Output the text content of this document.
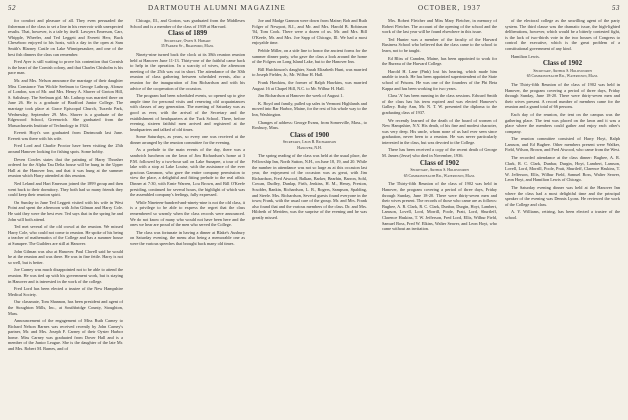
52	DARTMOUTH ALUMNI MAGAZINE	OCTOBER, 1937	53

for comfort and pleasure of all. They even persuaded the fisherman of the class to set a line in his reservoir with unexpected results. That, however, is a tale by itself. Lawyers Emerson, Carr, Whipple, Wheeler, and Ted Leggett and Everett Herr, Buck Cheseboro enjoyed to his hosts, with a day in the open at Sam Smith's Blarney Castle on Lake Winnipesaukee, and one of the best fish dinners the class can remember.

Fred Ayer is still waiting to prove his contention that Cornish is the heart of the Cornish colony, and that Charles Chisholm is his pace man.

Mr. and Mrs. Nelson announce the marriage of their daughter Miss Constance Van Wickle Seelman to George Lathrop, Alonzo of London, son of Mr. and Mrs. Henry A. Shaver of Groton Hill, S. Salisbury. The Seelman girl. Mr. Lathrop was married there on June 26. He is a graduate of Bradford Junior College. The marriage took place at Grace Episcopal Church, Tuxedo Park, Wednesday, September 29. Mrs. Shaver is a graduate of the Edgewood School, Greenwich. She graduated from the Massachusetts Institute of Technology in 1924.

Everett Hoyt's son graduated from Dartmouth last June. Everett was there with his wife.

Fred Lord and Charlie Proctor have been visiting the 25th around Hanover looking for fishing spots. Some hobby.

Deven Cowles states that the painting of Harry Thrasher ordered for the Alpha Tau Delta house will be hung in the Upper Hall at the Hanover Inn, and that it was hung at the summer reunion which Harry attended at this reunion.

Ned Leland and Hart Emerson joined the 1899 group and then went back to their dormitory. They both had so many friends they could keep their reunion spirit.

On Sunday in June Ted Leggett visited with his wife in West Point and spent the afternoon with John Gilman and Harry Cole. He said they were the best ever. Ted says that in the spring he and John will both attend.

Ted met several of the old crowd at the reunion. We missed Harry Cole, who could not come to reunion. He spoke of his being a teacher of mathematics of the College and has a summer house at Sunapee. The Guilders are still at Hanover.

John Gilman was also at Hanover. Paul Clavell said he would be at the reunion and was there. He was in fine fettle. Harry is not so well, but is better.

Joe Carney was much disappointed not to be able to attend the reunion. He was tied up with his government work, but is staying in Hanover and is interested in the work of the college.

Fred Lord has been elected a trustee of the New Hampshire Medical Society.

Our classmate, Tom Shannon, has been president and agent of the Stoughton Mills, Inc., at Southbridge County, Stoughton, Mass.

Announcement of the engagement of Miss Ruth Carney to Richard Nelson Barnes was received recently by John Carney's partner, Mr. and Mrs. Joseph F. Carney of their Oyster Harbor home. Miss Carney was graduated from Dover Hall and is a member of the Junior League. She is the daughter of the late Mr. and Mrs. Robert M. Barnes, and of

Chicago, Ill., and Gorton, was graduated from the Middlesex School and is a member of the class of 1939 at Harvard.

Class of 1899

Secretary, Owen S. Hobart
35 Parker St., Bradford, Mass.

Ninety-nine turned back the clock at its 38th reunion reunion held at Hanover June 11-13. Thirty-one of the faithful came back to help in the operation. In a scarcity of wives, the afternoon meeting of the 25th was cut in short. The attendance of the 30th reunion of class gathering between scheduled events, also a reunion for the inauguration of Jim Richardson and with his advice of the cooperation of the occasion.

The program had been scheduled events, so opened up to give ample time for personal visits and renewing old acquaintances with classes of any generation. The meeting of Saturday was as good as ever, with the arrival of the Secretary and the establishment of headquarters at the Tuck School. There, before evening, sixteen faithful men arrived and registered at the headquarters and talked of old times.

Some Saturdays, as years, so every one was received at the dinner arranged by the reunion committee for the evening.

As a prelude to the main events of the day, there was a sandwich luncheon on the lawn of Jim Richardson's home at 3 P.M. followed by a two-hour sail on Lake Sunapee, a tour of the lake with a stop at Lake Louise, with the assistance of the ever gracious Gammon, who gave the entire company permission to view the place, a delightful and fitting prelude to the real affair. Dinner at 7:30, with Ernie Warren, Lou Brown, and Bill O'Keefe presiding, continued for several hours, the highlight of which was the assembled company's feelings, fully expressed.

While Nineteen-hundred-and-ninety-nine is not the old class, it is a privilege to be able to express the regret that the class remembered so warmly when the class records were announced. We do not know of many who would not have been here and the ones we hear are proud of the men who served the College.

The class was fortunate in having a dinner at Blake's Ausbury on Saturday evening, the menu also being a memorable one as were the various speeches that brought back many old times.

Joe and Madge Gannon were down from Maine; Bob and Ruth Folger of Newport, R.I., and Mr. and Mrs. Harold B. Robinson '04, Tom Cook. There were a dozen of us. Mr. and Mrs. Bill O'Keefe, Mr. and Mrs. Joe Sapp of Chicago, Ill. We had a most enjoyable time.

Pebble Miller, on a side line to honor the ancient forms for the summer dinner party, who gave the class a look around the home of the Folgers on Long Island Lake, but to the Hanover Inn.

Bill Hutchinson's daughter, Sarah Elizabeth Hunt, was married to Joseph Fielder, Jr., Mr. Wilbur H. Hall.

Frank Hawkins, the former of Ralph Hawkins, was married August 16 at Chapel Hill, N.C. to Mr. Wilbur H. Hall.

Jim Richardson at Hanover the week of August 1.

K. Boyd and family, pulled up sales in Vermont Highlands and moved into Bar Harbor, Maine, for the rest of his whole way to the Inn, Washington.

Changes of address: George Evans, from Somerville, Mass., to Roxbury, Mass.

Class of 1900

Secretary, Leon B. Richardson
Hanover, N.H.

The spring reading of the class was held at the usual place, the Fellowship Inn, North Sutton, N.H., on June 18, 19, and 20. While the number in attendance was not so large as at this occasion last year, the enjoyment of the occasion was as great, with Jim Richardson, Fred Atwood, Balkan, Barker, Bearhin, Barron, Sohl, Cowan, Dudley, Dunlap, Firth, Jenkins, H. M., Henry, Preston, Scudder, Rankin, Richardson, L. B., Rogers, Sampson, Spalding, and Steele. Mrs. Richardson, Several guests found everyone in the town; Frank, with the usual care of the group. Mr. and Mrs. Frank also found that and the various members of the class. Dr. and Mrs. Hildreth of Meriden, was the surprise of the evening and he was greatly missed.

Mrs. Robert Fletcher and Miss Mary Fletcher, in memory of Robert Fletcher. The account of the opening of the school and the work of the last year will be found elsewhere in this issue.

Ted Hunter was a member of the faculty of the Harvard Business School who believed that the class came to the school to learn, not to be taught.

Ed Bliss of Camden, Maine, has been appointed to work for the Bureau of the Harvard College.

Harold H. Lane (Pink) lost his hearing, which made him unable to teach. He has been appointed superintendent of the State school of Prisons. He was one of the founders of the Phi Beta Kappa and has been working for two years.

Class 'A' has been running in the class sessions. Edward Smith of the class has his term expired and was elected Hanover's Gallery. Ruby Ann, Mr. N. T. W. presented the diploma to the graduating class of 1937.

We recently learned of the death of the board of women of New Hampshire, N.Y. His death, of his fine and modest character, was very deep. His uncle, whom none of us had ever seen since graduation, never been to a reunion. He was never particularly interested in the class, but was devoted to the College.

There has been received a copy of the recent death of George M. James (Jesse) who died in November, 1936.

Class of 1902

Secretary, Arthur S. Holdsworth
65 Commonwealth Rd., Watertown, Mass.

The Thirty-fifth Reunion of the class of 1902 was held in Hanover, the program covering a period of three days, Friday through Sunday, June 18-20. There were thirty-seven men and their wives present. The records of those who came are as follows: Bugbee, A. R. Clark, R. C. Clark, Dunbar, Durgin, Hoyt, Lambert, Lamson, Lovell, Lord, Morrill, Poole, Pratt, Lord, Shurtleff, Clarence Haskins, T. W. Jefferson, Fred Lord, Ellis, Wilbur Field, Samuel Boss, Fred W. Elkins, Walter Seaver, and Leon Hoyt, who came without an invitation.

of the electoral college as the unwilling agent of the party system. The third clause was the dramatic issue, the high-lighted deliberations, however, which would be a bitterly contested fight, is the lack of two-thirds vote in the two houses of Congress to control the executive, which is the great problem of a constitutional government of any kind.

Hamilton Lewis.

Class of 1902

Secretary, Arthur S. Holdsworth
65 Commonwealth Rd., Watertown, Mass.

The Thirty-fifth Reunion of the class of 1902 was held in Hanover, the program covering a period of three days, Friday through Sunday, June 18-20. There were thirty-seven men and their wives present. A record number of members came for the reunion and a grand total of 66 persons.

Each day of the reunion, the tent on the campus was the gathering place. The tent was placed on the lawn and it was a place where the members could gather and enjoy each other's company.

The reunion committee consisted of Harry Hoyt, Ralph Lamson, and Ed Bugbee. Other members present were Walker, Field, Wilson, Brown, and Fred Atwood, who came from the West.

The recorded attendance at the class dinner: Bugbee, A. R. Clark, R. C. Clark, Dunbar, Durgin, Hoyt, Lambert, Lamson, Lovell, Lord, Morrill, Poole, Pratt, Shurtleff, Clarence Haskins, T. W. Jefferson, Ellis, Wilbur Field, Samuel Boss, Walter Seaver, Leon Hoyt, and Hamilton Lewis of Chicago.

The Saturday evening dinner was held at the Hanover Inn where the class had a most delightful time and the principal speaker of the evening was Dennis Lyons. He reviewed the work of the College and class.

A. Y. Williams, retiring, has been elected a trustee of the school.
